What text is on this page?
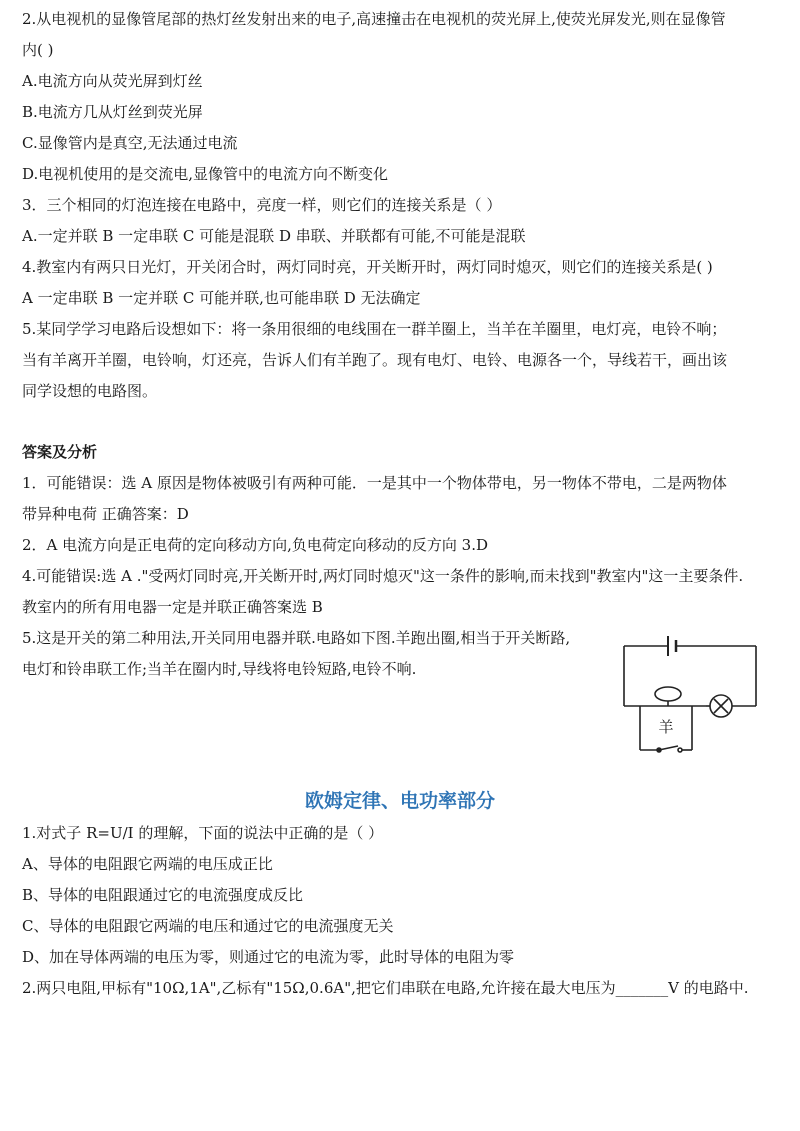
2.从电视机的显像管尾部的热灯丝发射出来的电子,高速撞击在电视机的荧光屏上,使荧光屏发光,则在显像管
内( )
A.电流方向从荧光屏到灯丝
B.电流方几从灯丝到荧光屏
C.显像管内是真空,无法通过电流
D.电视机使用的是交流电,显像管中的电流方向不断变化
3．三个相同的灯泡连接在电路中，亮度一样，则它们的连接关系是（ ）
A.一定并联 B 一定串联 C 可能是混联 D 串联、并联都有可能,不可能是混联
4.教室内有两只日光灯，开关闭合时，两灯同时亮，开关断开时，两灯同时熄灭，则它们的连接关系是( )
A 一定串联 B 一定并联 C 可能并联,也可能串联 D 无法确定
5.某同学学习电路后设想如下：将一条用很细的电线围在一群羊圈上，当羊在羊圈里，电灯亮，电铃不响；
当有羊离开羊圈，电铃响，灯还亮，告诉人们有羊跑了。现有电灯、电铃、电源各一个，导线若干，画出该
同学设想的电路图。
答案及分析
1．可能错误：选 A 原因是物体被吸引有两种可能．一是其中一个物体带电，另一物体不带电，二是两物体
带异种电荷 正确答案：D
2．A 电流方向是正电荷的定向移动方向,负电荷定向移动的反方向 3.D
4.可能错误:选 A ."受两灯同时亮,开关断开时,两灯同时熄灭"这一条件的影响,而未找到"教室内"这一主要条件.
教室内的所有用电器一定是并联正确答案选 B
5.这是开关的第二种用法,开关同用电器并联.电路如下图.羊跑出圈,相当于开关断路,
电灯和铃串联工作;当羊在圈内时,导线将电铃短路,电铃不响.
羊
欧姆定律、电功率部分
1.对式子 R=U/I 的理解，下面的说法中正确的是（ ）
A、导体的电阻跟它两端的电压成正比
B、导体的电阻跟通过它的电流强度成反比
C、导体的电阻跟它两端的电压和通过它的电流强度无关
D、加在导体两端的电压为零，则通过它的电流为零，此时导体的电阻为零
2.两只电阻,甲标有"10Ω,1A",乙标有"15Ω,0.6A",把它们串联在电路,允许接在最大电压为_______V 的电路中.
